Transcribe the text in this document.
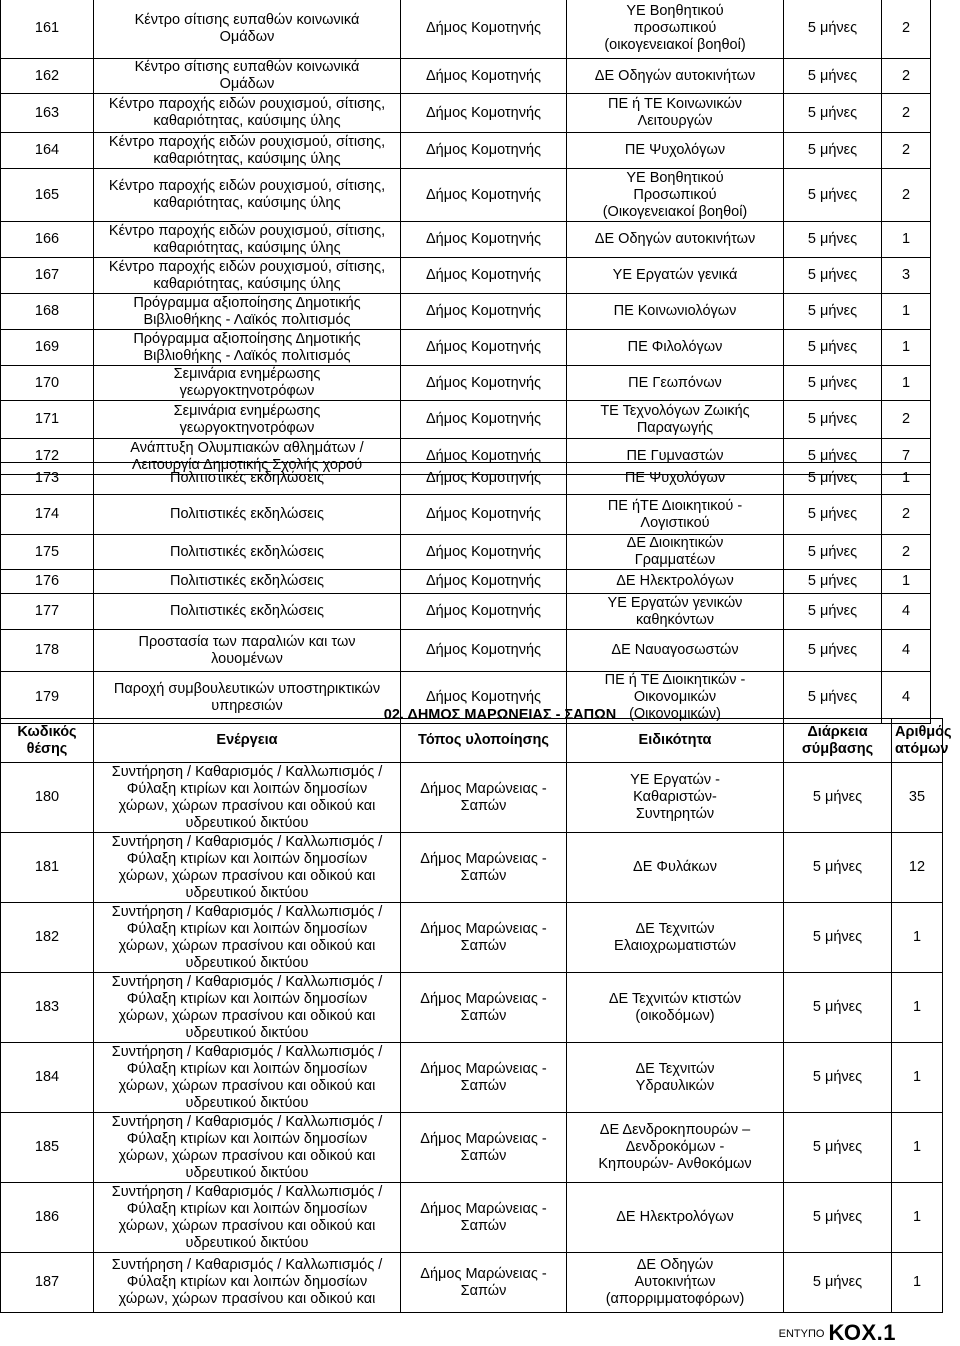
161	Κέντρο σίτισης ευπαθών κοινωνικά
Ομάδων	Δήμος Κομοτηνής	ΥΕ Βοηθητικού
προσωπικού
(οικογενειακοί βοηθοί)	5 μήνες	2
162	Κέντρο σίτισης ευπαθών κοινωνικά
Ομάδων	Δήμος Κομοτηνής	ΔΕ Οδηγών αυτοκινήτων	5 μήνες	2
163	Κέντρο παροχής ειδών ρουχισμού, σίτισης,
καθαριότητας, καύσιμης ύλης	Δήμος Κομοτηνής	ΠΕ ή ΤΕ Κοινωνικών
Λειτουργών	5 μήνες	2
164	Κέντρο παροχής ειδών ρουχισμού, σίτισης,
καθαριότητας, καύσιμης ύλης	Δήμος Κομοτηνής	ΠΕ Ψυχολόγων	5 μήνες	2
165	Κέντρο παροχής ειδών ρουχισμού, σίτισης,
καθαριότητας, καύσιμης ύλης	Δήμος Κομοτηνής	ΥΕ Βοηθητικού
Προσωπικού
(Οικογενειακοί βοηθοί)	5 μήνες	2
166	Κέντρο παροχής ειδών ρουχισμού, σίτισης,
καθαριότητας, καύσιμης ύλης	Δήμος Κομοτηνής	ΔΕ Οδηγών αυτοκινήτων	5 μήνες	1
167	Κέντρο παροχής ειδών ρουχισμού, σίτισης,
καθαριότητας, καύσιμης ύλης	Δήμος Κομοτηνής	ΥΕ Εργατών γενικά	5 μήνες	3
168	Πρόγραμμα αξιοποίησης Δημοτικής
Βιβλιοθήκης - Λαϊκός πολιτισμός	Δήμος Κομοτηνής	ΠΕ Κοινωνιολόγων	5 μήνες	1
169	Πρόγραμμα αξιοποίησης Δημοτικής
Βιβλιοθήκης - Λαϊκός πολιτισμός	Δήμος Κομοτηνής	ΠΕ Φιλολόγων	5 μήνες	1
170	Σεμινάρια ενημέρωσης
γεωργοκτηνοτρόφων	Δήμος Κομοτηνής	ΠΕ Γεωπόνων	5 μήνες	1
171	Σεμινάρια ενημέρωσης
γεωργοκτηνοτρόφων	Δήμος Κομοτηνής	ΤΕ Τεχνολόγων Ζωικής
Παραγωγής	5 μήνες	2
172	Ανάπτυξη Ολυμπιακών αθλημάτων /
Λειτουργία Δημοτικής Σχολής χορού	Δήμος Κομοτηνής	ΠΕ Γυμναστών	5 μήνες	7
173	Πολιτιστικές εκδηλώσεις	Δήμος Κομοτηνής	ΠΕ Ψυχολόγων	5 μήνες	1
174	Πολιτιστικές εκδηλώσεις	Δήμος Κομοτηνής	ΠΕ ήΤΕ Διοικητικού -
Λογιστικού	5 μήνες	2
175	Πολιτιστικές εκδηλώσεις	Δήμος Κομοτηνής	ΔΕ Διοικητικών
Γραμματέων	5 μήνες	2
176	Πολιτιστικές εκδηλώσεις	Δήμος Κομοτηνής	ΔΕ Ηλεκτρολόγων	5 μήνες	1
177	Πολιτιστικές εκδηλώσεις	Δήμος Κομοτηνής	ΥΕ Εργατών γενικών
καθηκόντων	5 μήνες	4
178	Προστασία των παραλιών και των
λουομένων	Δήμος Κομοτηνής	ΔΕ Ναυαγοσωστών	5 μήνες	4
179	Παροχή συμβουλευτικών υποστηρικτικών
υπηρεσιών	Δήμος Κομοτηνής	ΠΕ ή ΤΕ Διοικητικών -
Οικονομικών
(Οικονομικών)	5 μήνες	4
Κωδικός
θέσης	Ενέργεια	Τόπος υλοποίησης	Ειδικότητα	Διάρκεια
σύμβασης	Αριθμός
ατόμων

180	Συντήρηση / Καθαρισμός / Καλλωπισμός /
Φύλαξη κτιρίων και λοιπών δημοσίων
χώρων, χώρων πρασίνου και οδικού και
υδρευτικού δικτύου	Δήμος Μαρώνειας -
Σαπών	ΥΕ Εργατών -
Καθαριστών-
Συντηρητών	5 μήνες	35
181	Συντήρηση / Καθαρισμός / Καλλωπισμός /
Φύλαξη κτιρίων και λοιπών δημοσίων
χώρων, χώρων πρασίνου και οδικού και
υδρευτικού δικτύου	Δήμος Μαρώνειας -
Σαπών	ΔΕ Φυλάκων	5 μήνες	12
182	Συντήρηση / Καθαρισμός / Καλλωπισμός /
Φύλαξη κτιρίων και λοιπών δημοσίων
χώρων, χώρων πρασίνου και οδικού και
υδρευτικού δικτύου	Δήμος Μαρώνειας -
Σαπών	ΔΕ Τεχνιτών
Ελαιοχρωματιστών	5 μήνες	1
183	Συντήρηση / Καθαρισμός / Καλλωπισμός /
Φύλαξη κτιρίων και λοιπών δημοσίων
χώρων, χώρων πρασίνου και οδικού και
υδρευτικού δικτύου	Δήμος Μαρώνειας -
Σαπών	ΔΕ Τεχνιτών κτιστών
(οικοδόμων)	5 μήνες	1
184	Συντήρηση / Καθαρισμός / Καλλωπισμός /
Φύλαξη κτιρίων και λοιπών δημοσίων
χώρων, χώρων πρασίνου και οδικού και
υδρευτικού δικτύου	Δήμος Μαρώνειας -
Σαπών	ΔΕ Τεχνιτών
Υδραυλικών	5 μήνες	1
185	Συντήρηση / Καθαρισμός / Καλλωπισμός /
Φύλαξη κτιρίων και λοιπών δημοσίων
χώρων, χώρων πρασίνου και οδικού και
υδρευτικού δικτύου	Δήμος Μαρώνειας -
Σαπών	ΔΕ Δενδροκηπουρών –
Δενδροκόμων -
Κηπουρών- Ανθοκόμων	5 μήνες	1
186	Συντήρηση / Καθαρισμός / Καλλωπισμός /
Φύλαξη κτιρίων και λοιπών δημοσίων
χώρων, χώρων πρασίνου και οδικού και
υδρευτικού δικτύου	Δήμος Μαρώνειας -
Σαπών	ΔΕ Ηλεκτρολόγων	5 μήνες	1
187	Συντήρηση / Καθαρισμός / Καλλωπισμός /
Φύλαξη κτιρίων και λοιπών δημοσίων
χώρων, χώρων πρασίνου και οδικού και	Δήμος Μαρώνειας -
Σαπών	ΔΕ Οδηγών
Αυτοκινήτων
(απορριμματοφόρων)	5 μήνες	1
02. ΔΗΜΟΣ ΜΑΡΩΝΕΙΑΣ - ΣΑΠΩΝ
ΕΝΤΥΠΟ ΚΟΧ.1
